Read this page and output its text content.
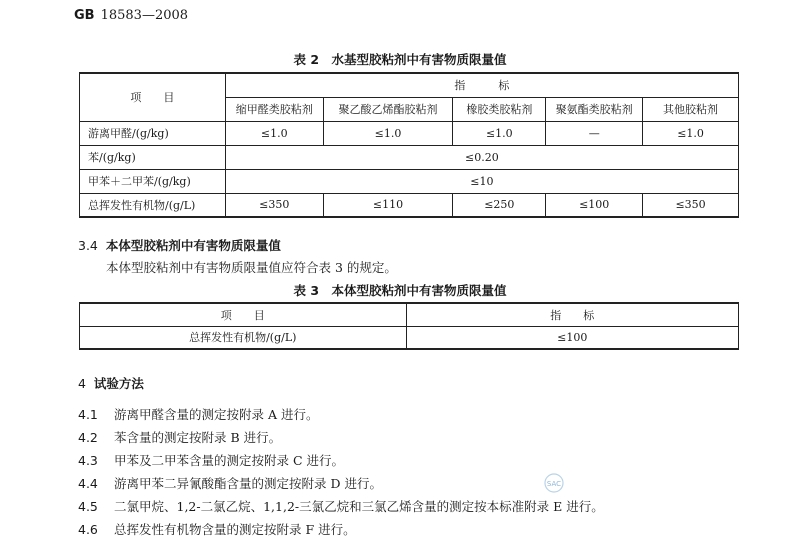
GB 18583—2008
表 2　水基型胶粘剂中有害物质限量值
项　　目	指　　　标				
	缩甲醛类胶粘剂	聚乙酸乙烯酯胶粘剂	橡胶类胶粘剂	聚氨酯类胶粘剂	其他胶粘剂
游离甲醛/(g/kg)	≤1.0	≤1.0	≤1.0	—	≤1.0
苯/(g/kg)	≤0.20				
甲苯＋二甲苯/(g/kg)	≤10				
总挥发性有机物/(g/L)	≤350	≤110	≤250	≤100	≤350
3.4 本体型胶粘剂中有害物质限量值
本体型胶粘剂中有害物质限量值应符合表 3 的规定。
表 3　本体型胶粘剂中有害物质限量值
项　　目	指　　标
总挥发性有机物/(g/L)	≤100
4 试验方法
4.1 游离甲醛含量的测定按附录 A 进行。
4.2 苯含量的测定按附录 B 进行。
4.3 甲苯及二甲苯含量的测定按附录 C 进行。
4.4 游离甲苯二异氰酸酯含量的测定按附录 D 进行。
4.5 二氯甲烷、1,2-二氯乙烷、1,1,2-三氯乙烷和三氯乙烯含量的测定按本标准附录 E 进行。
4.6 总挥发性有机物含量的测定按附录 F 进行。
SAC
